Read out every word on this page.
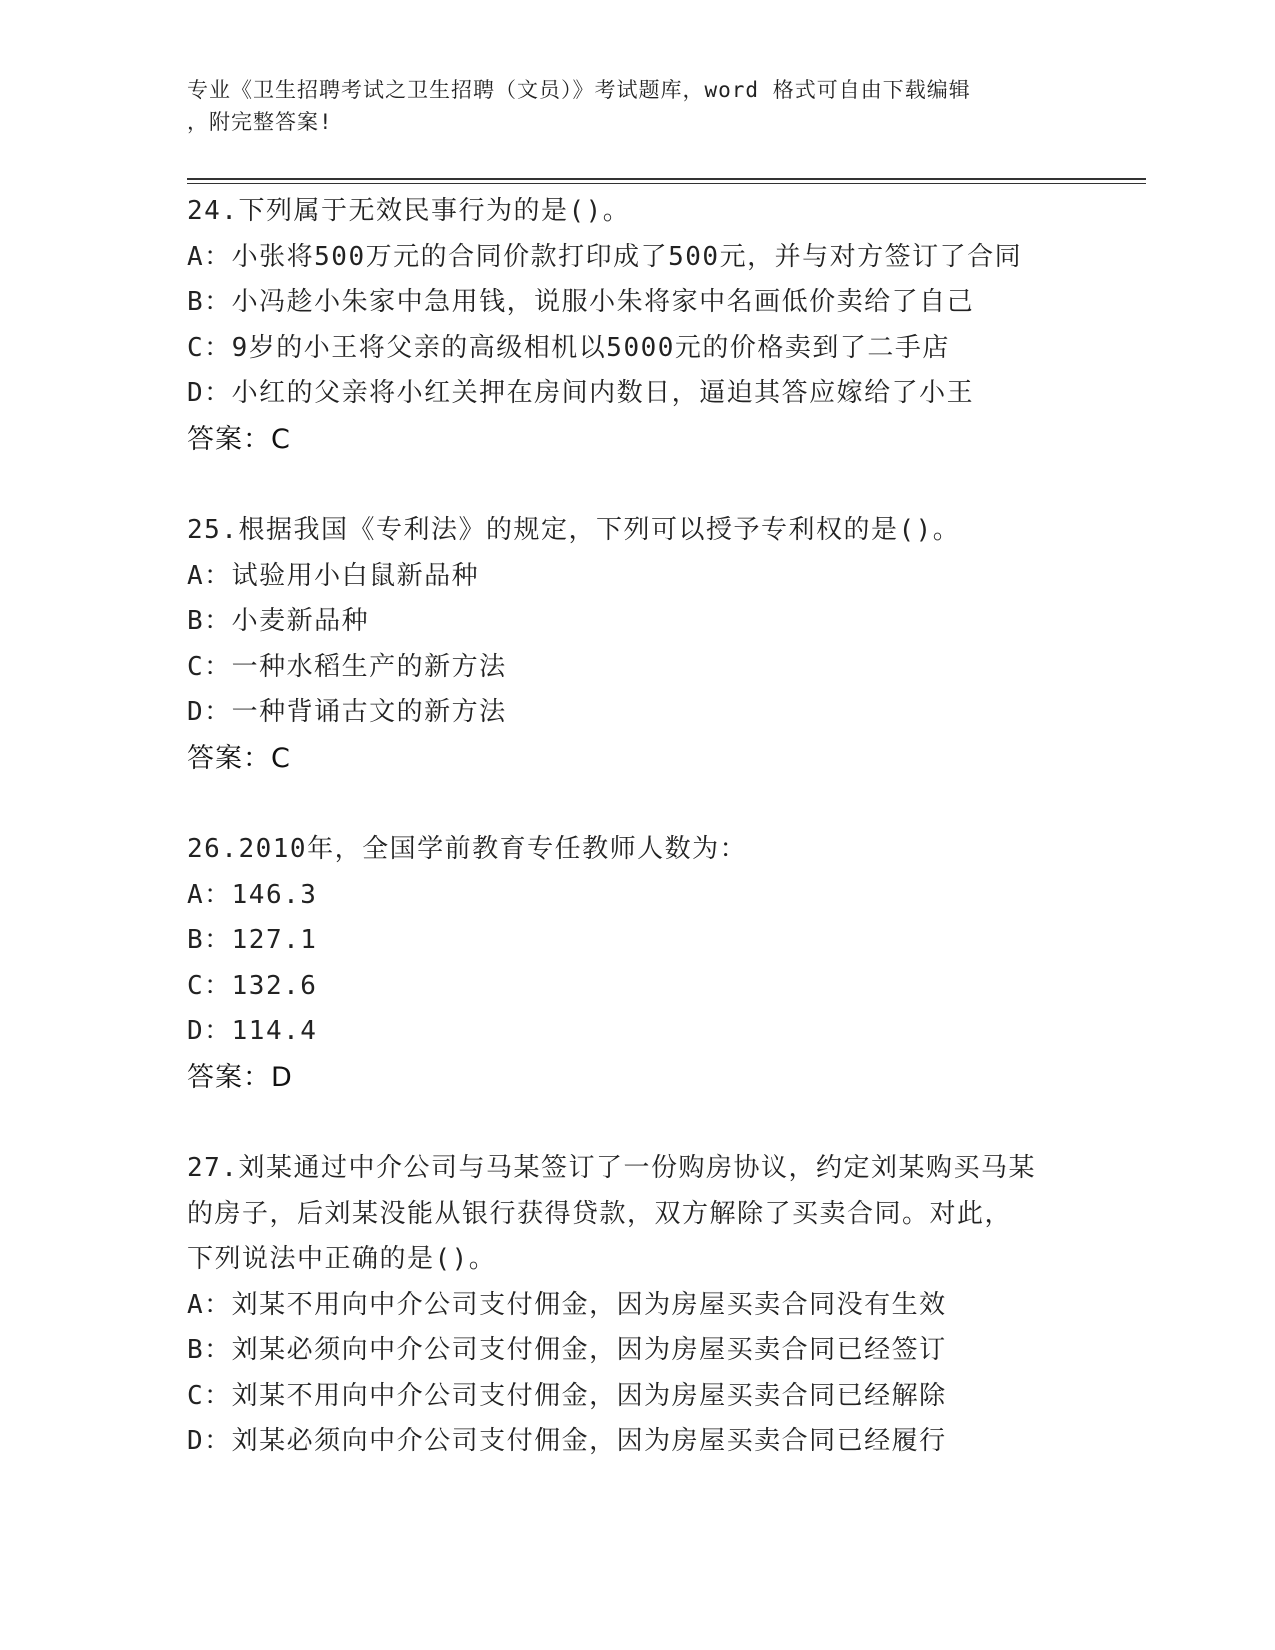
专业《卫生招聘考试之卫生招聘（文员）》考试题库，word 格式可自由下载编辑
，附完整答案!
24.下列属于无效民事行为的是()。
A：小张将500万元的合同价款打印成了500元，并与对方签订了合同
B：小冯趁小朱家中急用钱，说服小朱将家中名画低价卖给了自己
C：9岁的小王将父亲的高级相机以5000元的价格卖到了二手店
D：小红的父亲将小红关押在房间内数日，逼迫其答应嫁给了小王
答案：C
25.根据我国《专利法》的规定，下列可以授予专利权的是()。
A：试验用小白鼠新品种
B：小麦新品种
C：一种水稻生产的新方法
D：一种背诵古文的新方法
答案：C
26.2010年，全国学前教育专任教师人数为：
A：146.3
B：127.1
C：132.6
D：114.4
答案：D
27.刘某通过中介公司与马某签订了一份购房协议，约定刘某购买马某
的房子，后刘某没能从银行获得贷款，双方解除了买卖合同。对此，
下列说法中正确的是()。
A：刘某不用向中介公司支付佣金，因为房屋买卖合同没有生效
B：刘某必须向中介公司支付佣金，因为房屋买卖合同已经签订
C：刘某不用向中介公司支付佣金，因为房屋买卖合同已经解除
D：刘某必须向中介公司支付佣金，因为房屋买卖合同已经履行
